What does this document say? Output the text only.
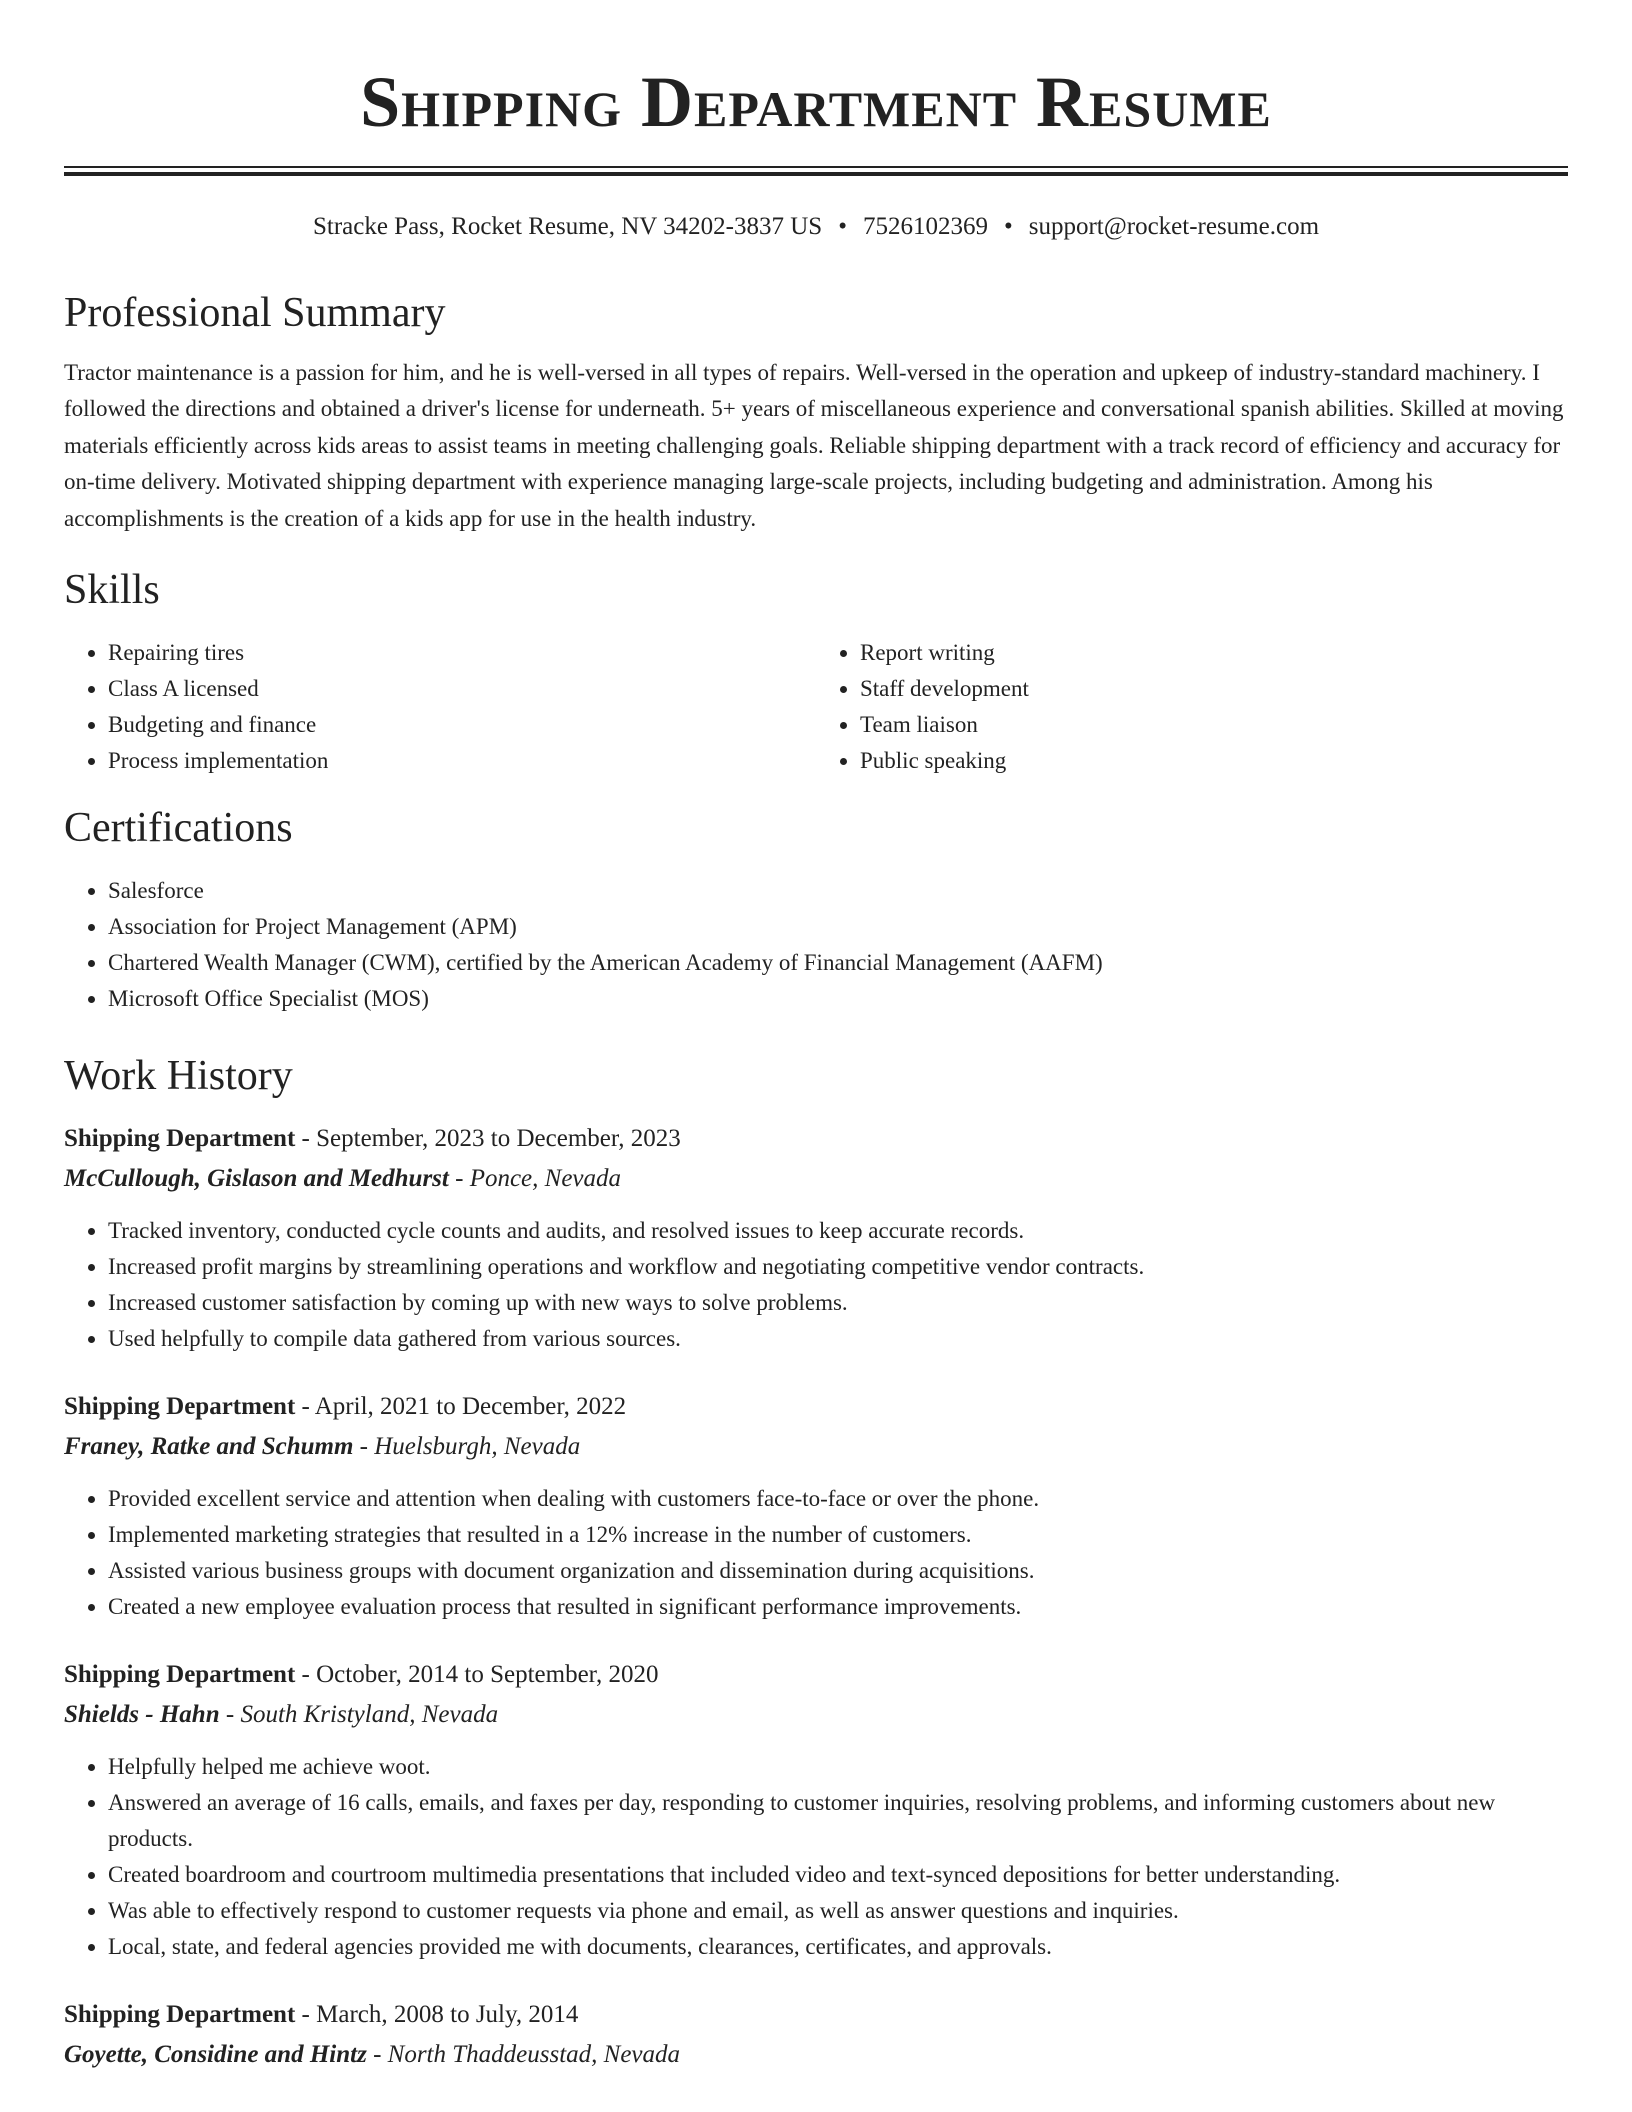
Shipping Department Resume
Stracke Pass, Rocket Resume, NV 34202-3837 US • 7526102369 • support@rocket-resume.com
Professional Summary

Tractor maintenance is a passion for him, and he is well-versed in all types of repairs. Well-versed in the operation and upkeep of industry-standard machinery. I followed the directions and obtained a driver's license for underneath. 5+ years of miscellaneous experience and conversational spanish abilities. Skilled at moving materials efficiently across kids areas to assist teams in meeting challenging goals. Reliable shipping department with a track record of efficiency and accuracy for on-time delivery. Motivated shipping department with experience managing large-scale projects, including budgeting and administration. Among his accomplishments is the creation of a kids app for use in the health industry.

Skills
• Repairing tires
• Class A licensed
• Budgeting and finance
• Process implementation
• Report writing
• Staff development
• Team liaison
• Public speaking
Certifications
• Salesforce
• Association for Project Management (APM)
• Chartered Wealth Manager (CWM), certified by the American Academy of Financial Management (AAFM)
• Microsoft Office Specialist (MOS)
Work History
Shipping Department - September, 2023 to December, 2023
McCullough, Gislason and Medhurst - Ponce, Nevada
• Tracked inventory, conducted cycle counts and audits, and resolved issues to keep accurate records.
• Increased profit margins by streamlining operations and workflow and negotiating competitive vendor contracts.
• Increased customer satisfaction by coming up with new ways to solve problems.
• Used helpfully to compile data gathered from various sources.
Shipping Department - April, 2021 to December, 2022
Franey, Ratke and Schumm - Huelsburgh, Nevada
• Provided excellent service and attention when dealing with customers face-to-face or over the phone.
• Implemented marketing strategies that resulted in a 12% increase in the number of customers.
• Assisted various business groups with document organization and dissemination during acquisitions.
• Created a new employee evaluation process that resulted in significant performance improvements.
Shipping Department - October, 2014 to September, 2020
Shields - Hahn - South Kristyland, Nevada
• Helpfully helped me achieve woot.
• Answered an average of 16 calls, emails, and faxes per day, responding to customer inquiries, resolving problems, and informing customers about new products.
• Created boardroom and courtroom multimedia presentations that included video and text-synced depositions for better understanding.
• Was able to effectively respond to customer requests via phone and email, as well as answer questions and inquiries.
• Local, state, and federal agencies provided me with documents, clearances, certificates, and approvals.
Shipping Department - March, 2008 to July, 2014
Goyette, Considine and Hintz - North Thaddeusstad, Nevada
